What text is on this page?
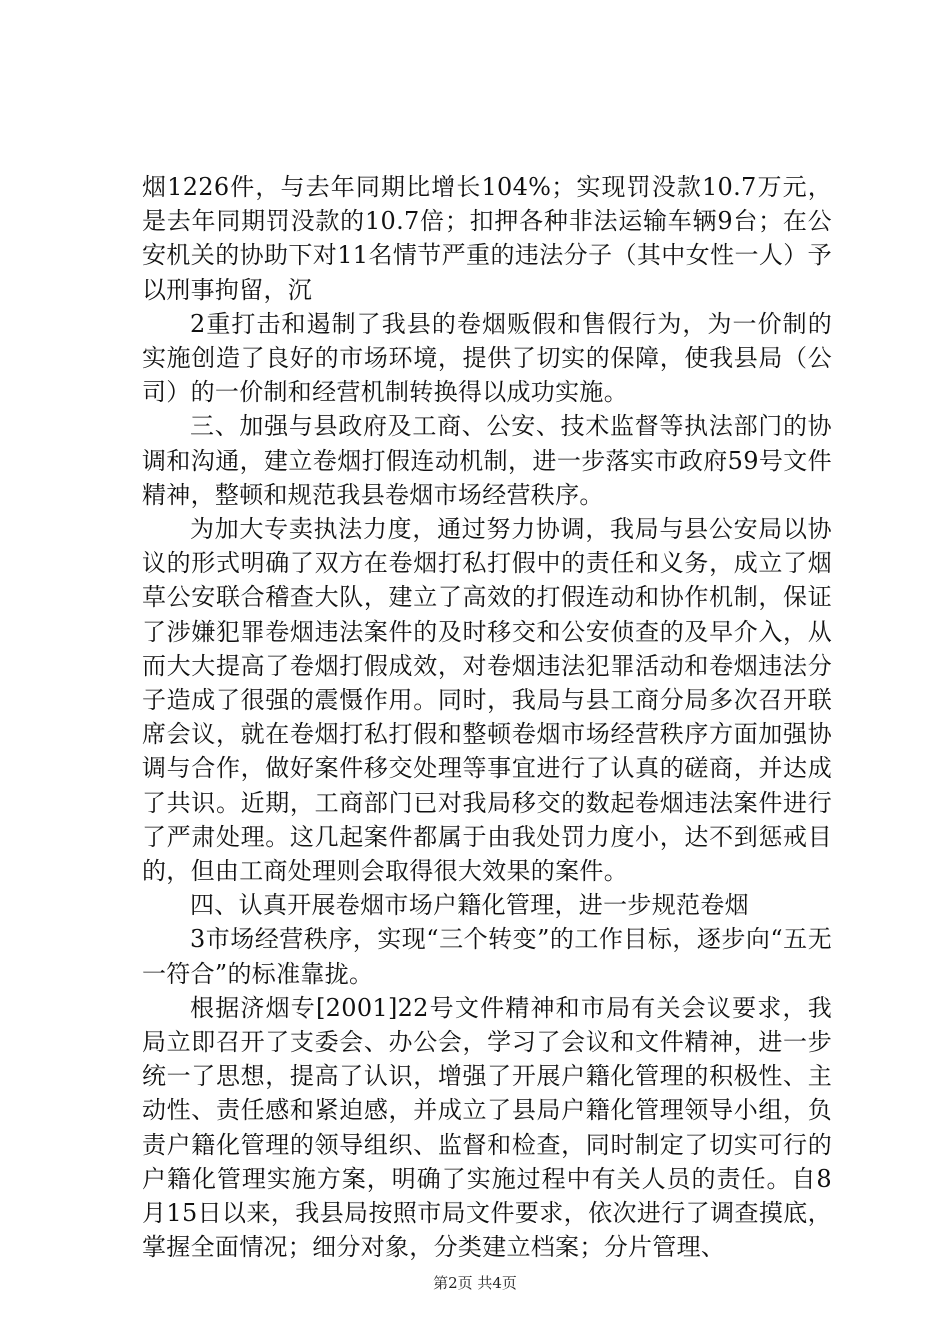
烟1226件，与去年同期比增长104%；实现罚没款10.7万元，是去年同期罚没款的10.7倍；扣押各种非法运输车辆9台；在公安机关的协助下对11名情节严重的违法分子（其中女性一人）予以刑事拘留，沉

2重打击和遏制了我县的卷烟贩假和售假行为，为一价制的实施创造了良好的市场环境，提供了切实的保障，使我县局（公司）的一价制和经营机制转换得以成功实施。

三、加强与县政府及工商、公安、技术监督等执法部门的协调和沟通，建立卷烟打假连动机制，进一步落实市政府59号文件精神，整顿和规范我县卷烟市场经营秩序。

为加大专卖执法力度，通过努力协调，我局与县公安局以协议的形式明确了双方在卷烟打私打假中的责任和义务，成立了烟草公安联合稽查大队，建立了高效的打假连动和协作机制，保证了涉嫌犯罪卷烟违法案件的及时移交和公安侦查的及早介入，从而大大提高了卷烟打假成效，对卷烟违法犯罪活动和卷烟违法分子造成了很强的震慑作用。同时，我局与县工商分局多次召开联席会议，就在卷烟打私打假和整顿卷烟市场经营秩序方面加强协调与合作，做好案件移交处理等事宜进行了认真的磋商，并达成了共识。近期，工商部门已对我局移交的数起卷烟违法案件进行了严肃处理。这几起案件都属于由我处罚力度小，达不到惩戒目的，但由工商处理则会取得很大效果的案件。

四、认真开展卷烟市场户籍化管理，进一步规范卷烟

3市场经营秩序，实现“三个转变”的工作目标，逐步向“五无一符合”的标准靠拢。

根据济烟专[2001]22号文件精神和市局有关会议要求，我局立即召开了支委会、办公会，学习了会议和文件精神，进一步统一了思想，提高了认识，增强了开展户籍化管理的积极性、主动性、责任感和紧迫感，并成立了县局户籍化管理领导小组，负责户籍化管理的领导组织、监督和检查，同时制定了切实可行的户籍化管理实施方案，明确了实施过程中有关人员的责任。自8月15日以来，我县局按照市局文件要求，依次进行了调查摸底，掌握全面情况；细分对象，分类建立档案；分片管理、

第2页 共4页
